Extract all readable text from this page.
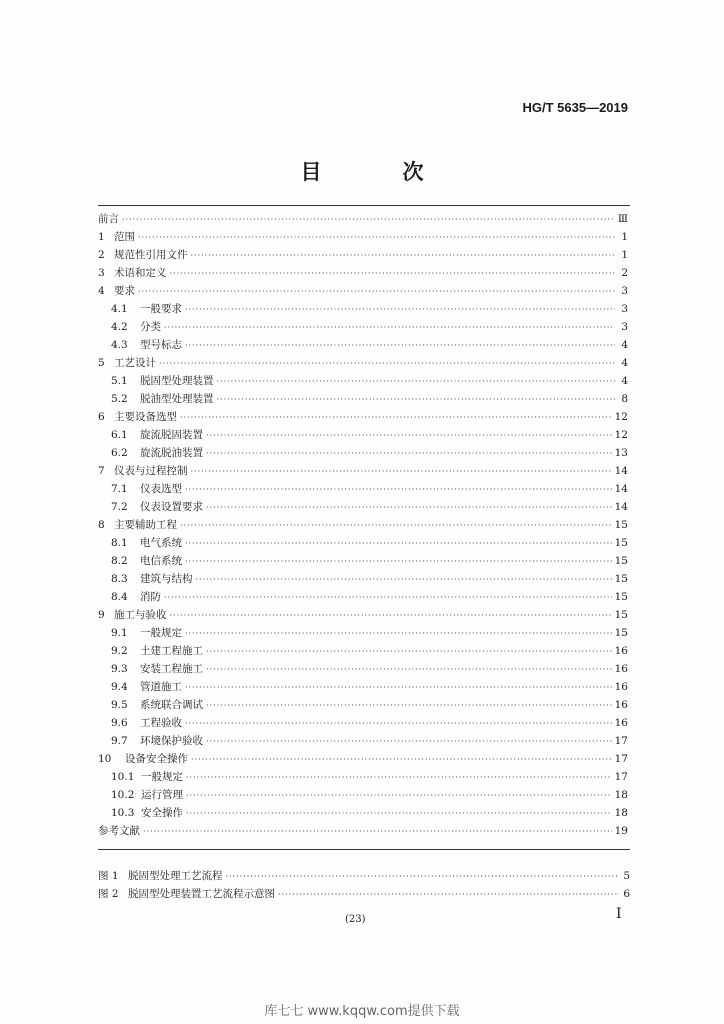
HG/T 5635—2019
目　次
前言 ·····	Ⅲ
1 范围 ·····	1
2 规范性引用文件 ·····	1
3 术语和定义 ·····	2
4 要求 ·····	3
4.1	一般要求 ·····	3
4.2	分类 ·····	3
4.3	型号标志 ·····	4
5 工艺设计 ·····	4
5.1	脱固型处理装置 ·····	4
5.2	脱油型处理装置 ·····	8
6 主要设备选型 ·····	12
6.1	旋流脱固装置 ·····	12
6.2	旋流脱油装置 ·····	13
7 仪表与过程控制 ·····	14
7.1	仪表选型 ·····	14
7.2	仪表设置要求 ·····	14
8 主要辅助工程 ·····	15
8.1	电气系统 ·····	15
8.2	电信系统 ·····	15
8.3	建筑与结构 ·····	15
8.4	消防 ·····	15
9 施工与验收 ·····	15
9.1	一般规定 ·····	15
9.2	土建工程施工 ·····	16
9.3	安装工程施工 ·····	16
9.4	管道施工 ·····	16
9.5	系统联合调试 ·····	16
9.6	工程验收 ·····	16
9.7	环境保护验收 ·····	17
10	设备安全操作 ·····	17
10.1 一般规定 ·····	17
10.2 运行管理 ·····	18
10.3 安全操作 ·····	18
参考文献 ·····	19
图 1 脱固型处理工艺流程 ·····	5
图 2 脱固型处理装置工艺流程示意图 ·····	6
(23)	Ⅰ
库七七 www.kqqw.com提供下载
